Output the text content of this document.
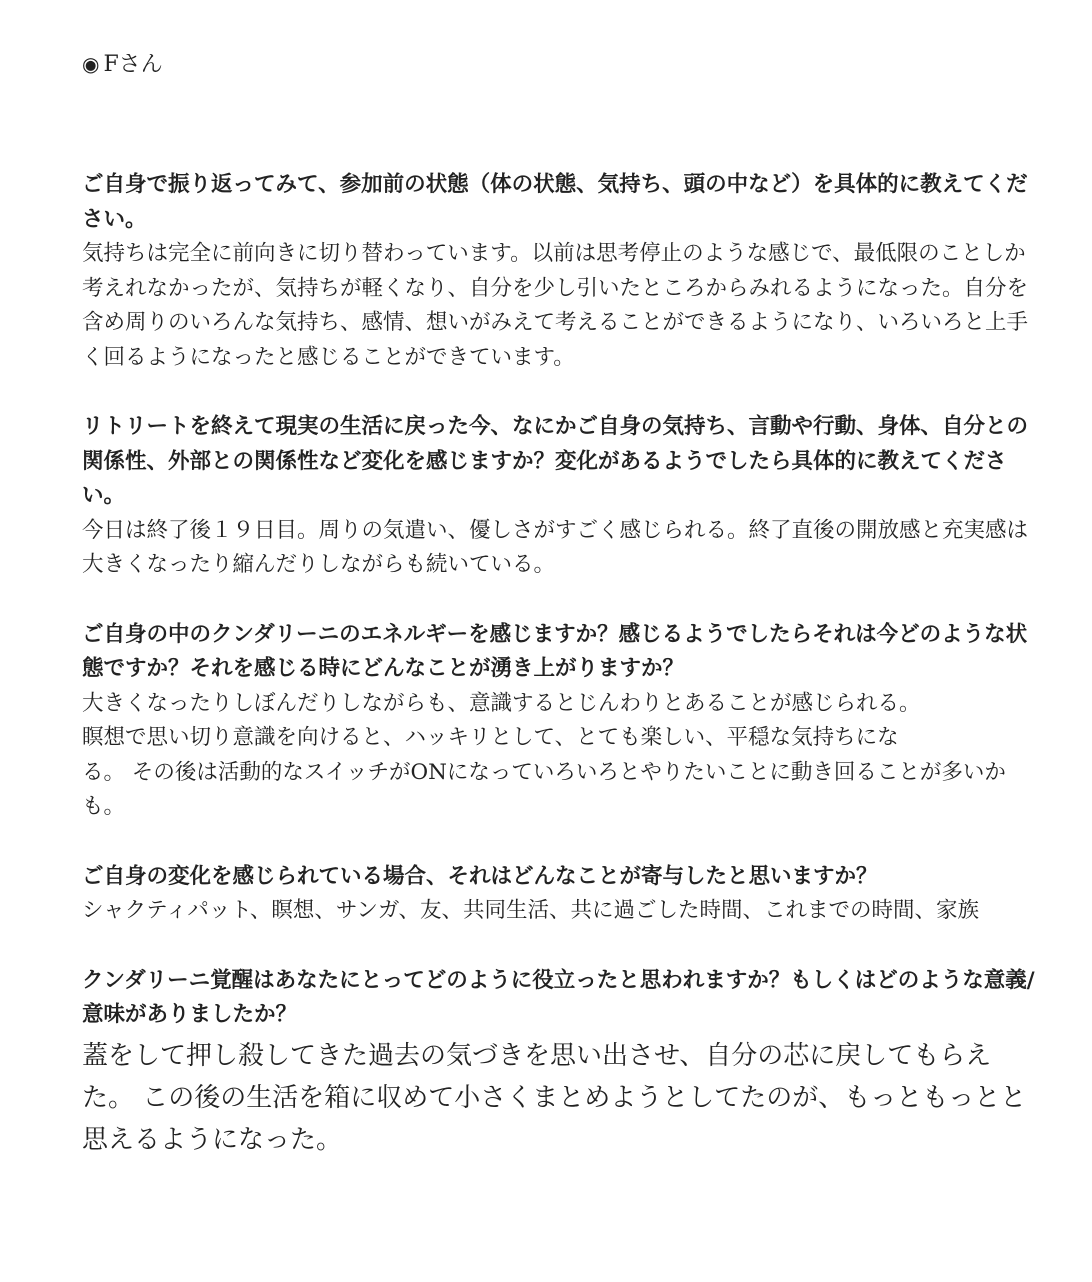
◉ Fさん

ご自身で振り返ってみて、参加前の状態（体の状態、気持ち、頭の中など）を具体的に教えてください。

気持ちは完全に前向きに切り替わっています。以前は思考停止のような感じで、最低限のことしか考えれなかったが、気持ちが軽くなり、自分を少し引いたところからみれるようになった。自分を含め周りのいろんな気持ち、感情、想いがみえて考えることができるようになり、いろいろと上手く回るようになったと感じることができています。

リトリートを終えて現実の生活に戻った今、なにかご自身の気持ち、言動や行動、身体、自分との関係性、外部との関係性など変化を感じますか？変化があるようでしたら具体的に教えてください。

今日は終了後１９日目。周りの気遣い、優しさがすごく感じられる。終了直後の開放感と充実感は大きくなったり縮んだりしながらも続いている。

ご自身の中のクンダリーニのエネルギーを感じますか？感じるようでしたらそれは今どのような状態ですか？それを感じる時にどんなことが湧き上がりますか？

大きくなったりしぼんだりしながらも、意識するとじんわりとあることが感じられる。

瞑想で思い切り意識を向けると、ハッキリとして、とても楽しい、平穏な気持ちにな

る。 その後は活動的なスイッチがONになっていろいろとやりたいことに動き回ることが多いかも。

ご自身の変化を感じられている場合、それはどんなことが寄与したと思いますか？

シャクティパット、瞑想、サンガ、友、共同生活、共に過ごした時間、これまでの時間、家族

クンダリーニ覚醒はあなたにとってどのように役立ったと思われますか？もしくはどのような意義/意味がありましたか？

蓋をして押し殺してきた過去の気づきを思い出させ、自分の芯に戻してもらえた。 この後の生活を箱に収めて小さくまとめようとしてたのが、もっともっとと思えるようになった。
